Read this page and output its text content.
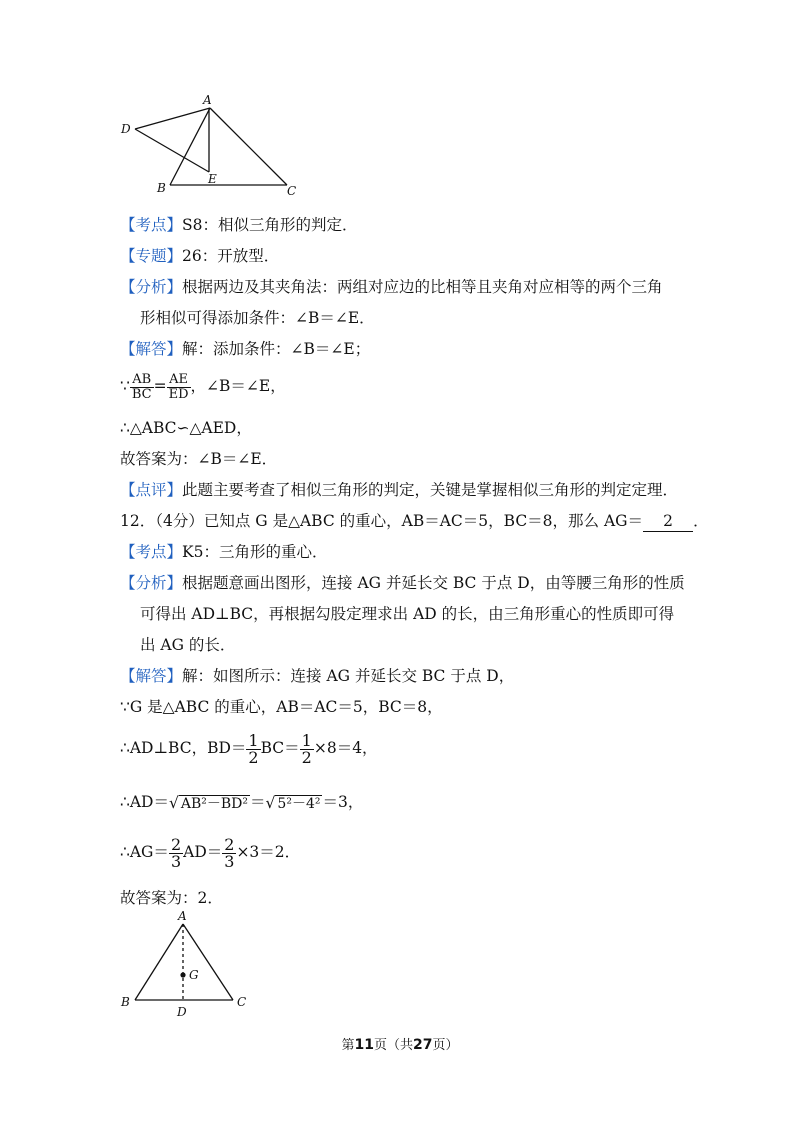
A
B	C
D
E
【考点】S8：相似三角形的判定．
【专题】26：开放型．
【分析】根据两边及其夹角法：两组对应边的比相等且夹角对应相等的两个三角
形相似可得添加条件：∠B＝∠E．
【解答】解：添加条件：∠B＝∠E；
∵ $\frac{AB}{BC} = \frac{AE}{ED}$ ，∠B＝∠E，
∴△ABC∽△AED，
故答案为：∠B＝∠E．
【点评】此题主要考查了相似三角形的判定，关键是掌握相似三角形的判定定理．
12．（4分）已知点 G 是△ABC 的重心，AB＝AC＝5，BC＝8，那么 AG＝ 2 ．
【考点】K5：三角形的重心．
【分析】根据题意画出图形，连接 AG 并延长交 BC 于点 D，由等腰三角形的性质
可得出 AD⊥BC，再根据勾股定理求出 AD 的长，由三角形重心的性质即可得
出 AG 的长．
【解答】解：如图所示：连接 AG 并延长交 BC 于点 D，
∵G 是△ABC 的重心，AB＝AC＝5，BC＝8，
∴AD⊥BC，$BD= \frac{1}{2} BC= \frac{1}{2} \times 8=4$，
∴AD＝√ AB²－BD² ＝√ 5²－4² ＝3，
∴AG＝ $\frac{2}{3} AD= \frac{2}{3} \times 3=2$．
故答案为：2．
A
B	C
D
G
第11页（共27页）
